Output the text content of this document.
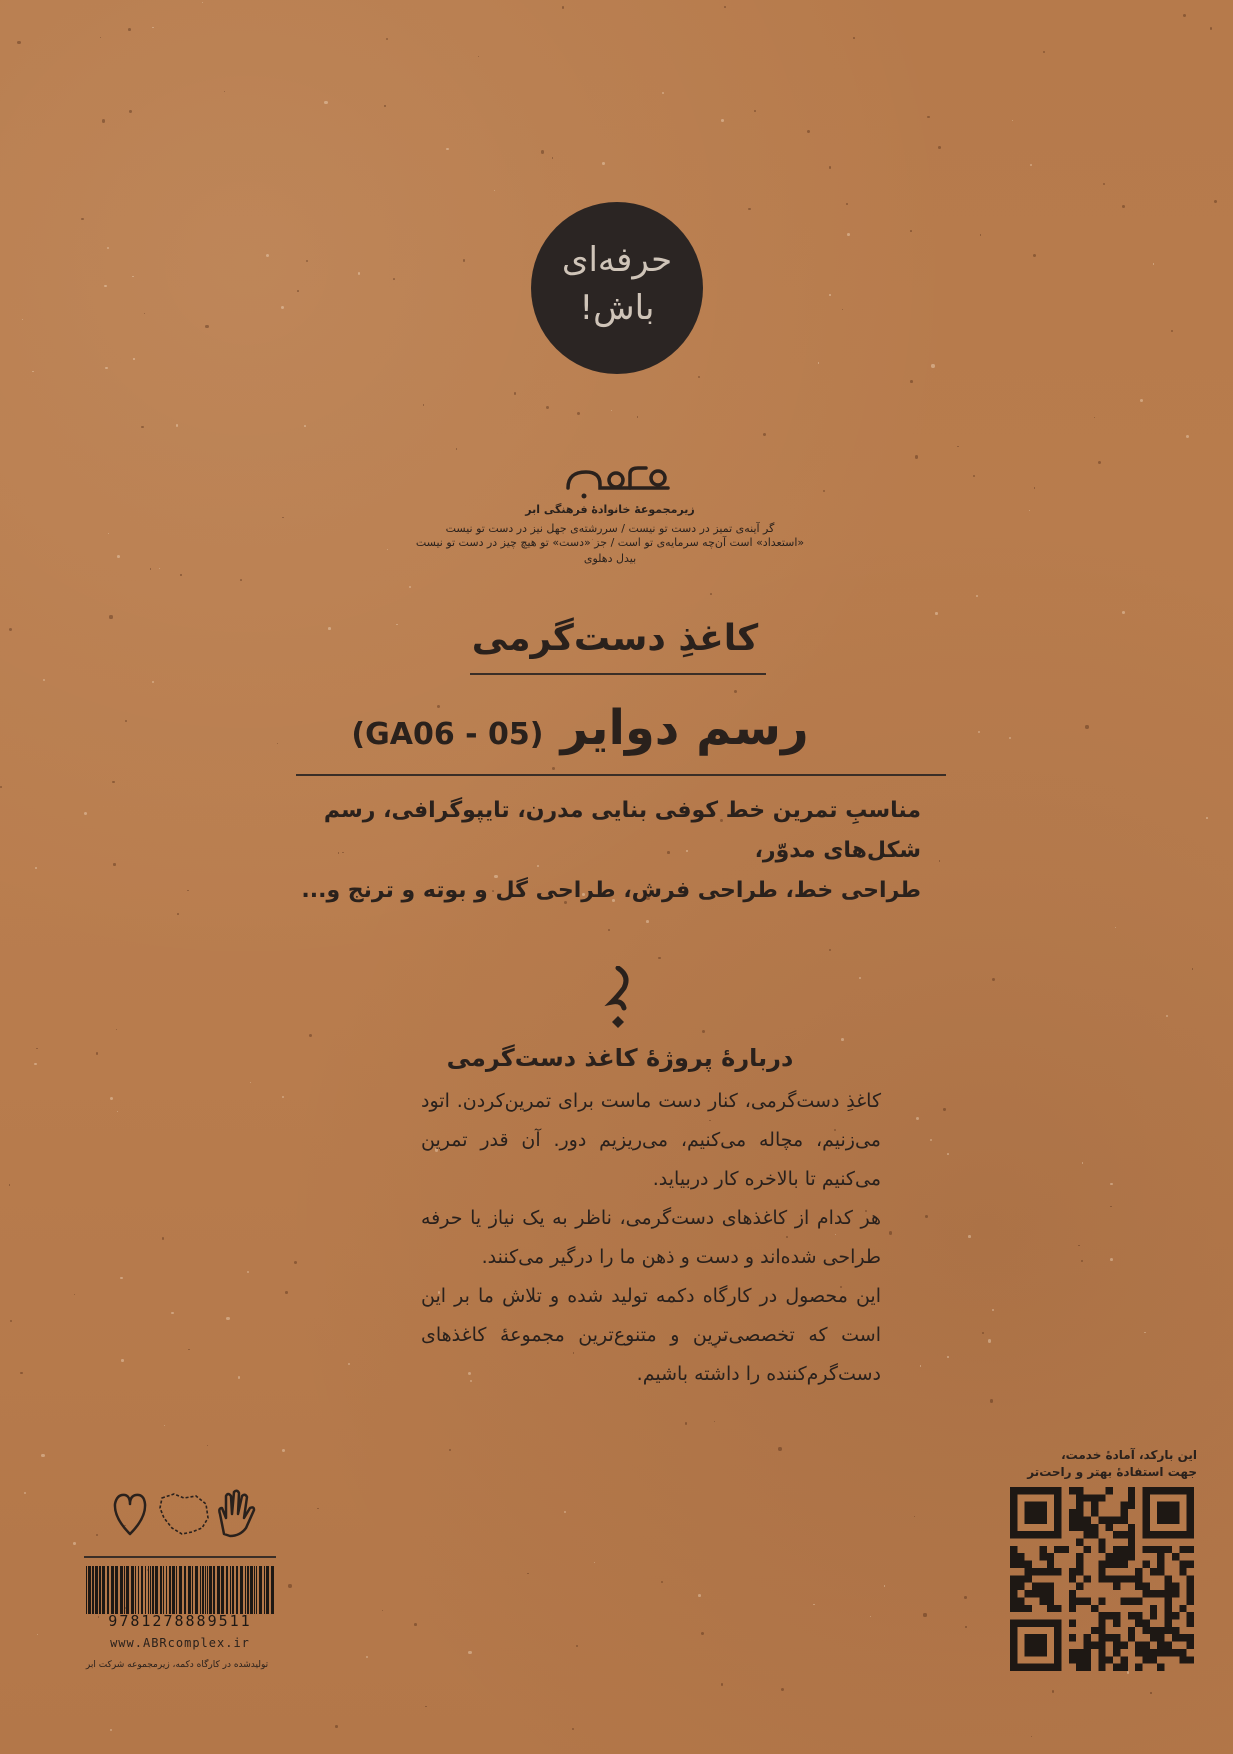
حرفه‌ای
باش!
زیرمجموعهٔ خانوادهٔ فرهنگی ابر
گر آینه‌ی تمیز در دست تو نیست / سررشته‌ی جهل نیز در دست تو نیست
«استعداد» است آن‌چه سرمایه‌ی تو است / جز «دست» تو هیچ چیز در دست تو نیست
بیدل دهلوی
کاغذِ دست‌گرمی
رسم دوایر (GA06 - 05)
مناسبِ تمرین خط کوفی بنایی مدرن، تایپوگرافی، رسم شکل‌های مدوّر،
طراحی خط، طراحی فرش، طراحی گل و بوته و ترنج و...
دربارهٔ پروژهٔ کاغذ دست‌گرمی

کاغذِ دست‌گرمی، کنار دست ماست برای تمرین‌کردن. اتود می‌زنیم، مچاله می‌کنیم، می‌ریزیم دور. آن قدر تمرین می‌کنیم تا بالاخره کار دربیاید.

هر کدام از کاغذهای دست‌گرمی، ناظر به یک نیاز یا حرفه طراحی شده‌اند و دست و ذهن ما را درگیر می‌کنند.

این محصول در کارگاه دکمه تولید شده و تلاش ما بر این است که تخصصی‌ترین و متنوع‌ترین مجموعهٔ کاغذهای دست‌گرم‌کننده را داشته باشیم.

9781278889511
www.ABRcomplex.ir
تولیدشده در کارگاه دکمه، زیرمجموعه شرکت ابر
این بارکد، آمادهٔ خدمت،
جهت استفادهٔ بهتر و راحت‌تر
